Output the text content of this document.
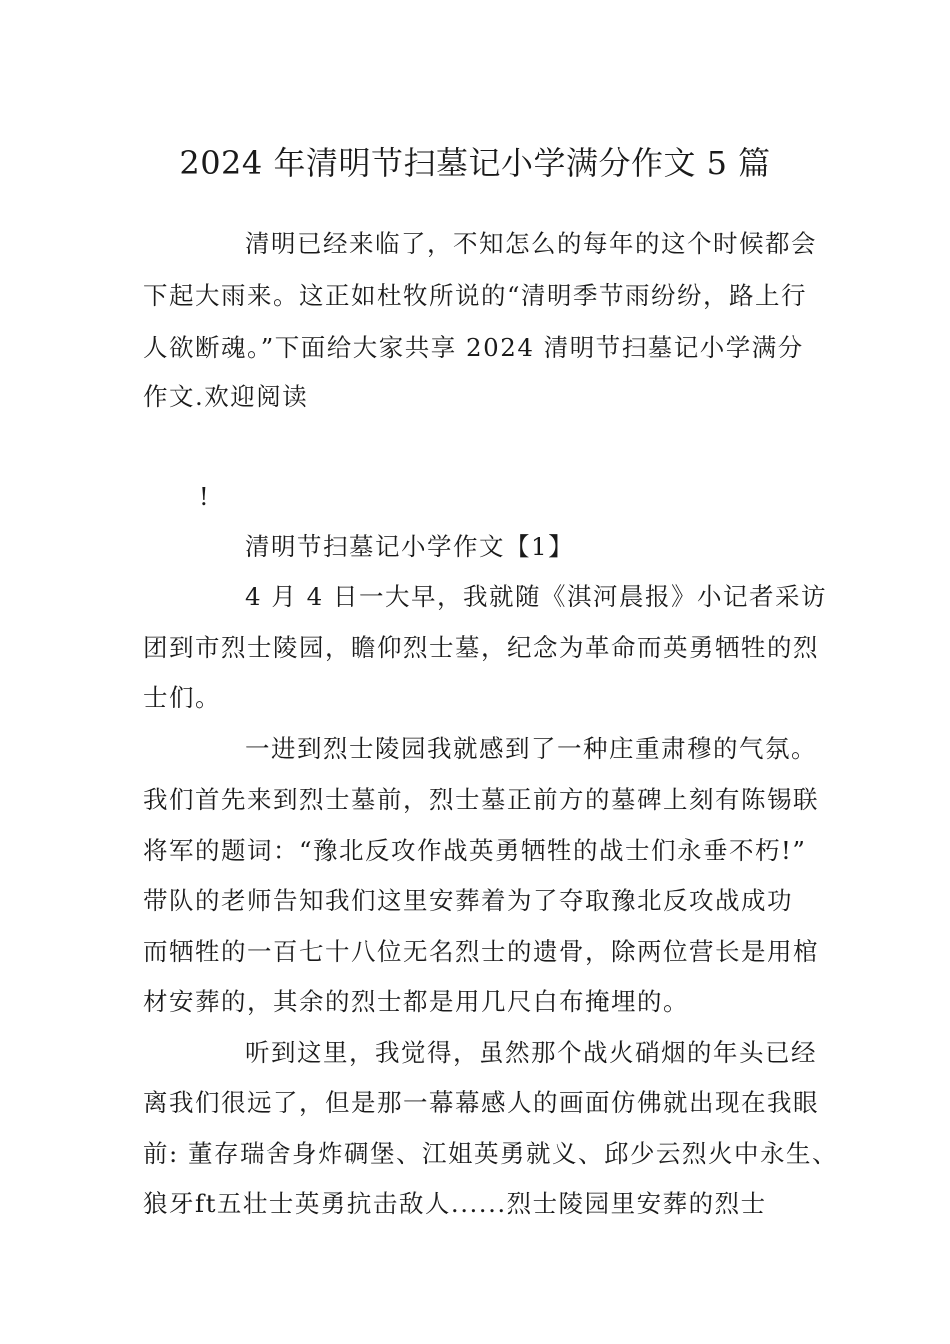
2024 年清明节扫墓记小学满分作文 5 篇
清明已经来临了，不知怎么的每年的这个时候都会
下起大雨来。这正如杜牧所说的“清明季节雨纷纷，路上行
人欲断魂。”下面给大家共享 2024 清明节扫墓记小学满分
作文.欢迎阅读
!
清明节扫墓记小学作文【1】
4 月 4 日一大早，我就随《淇河晨报》小记者采访
团到市烈士陵园，瞻仰烈士墓，纪念为革命而英勇牺牲的烈
士们。
一进到烈士陵园我就感到了一种庄重肃穆的气氛。
我们首先来到烈士墓前，烈士墓正前方的墓碑上刻有陈锡联
将军的题词：“豫北反攻作战英勇牺牲的战士们永垂不朽!”
带队的老师告知我们这里安葬着为了夺取豫北反攻战成功
而牺牲的一百七十八位无名烈士的遗骨，除两位营长是用棺
材安葬的，其余的烈士都是用几尺白布掩埋的。
听到这里，我觉得，虽然那个战火硝烟的年头已经
离我们很远了，但是那一幕幕感人的画面仿佛就出现在我眼
前: 董存瑞舍身炸碉堡、江姐英勇就义、邱少云烈火中永生、
狼牙ft五壮士英勇抗击敌人......烈士陵园里安葬的烈士
